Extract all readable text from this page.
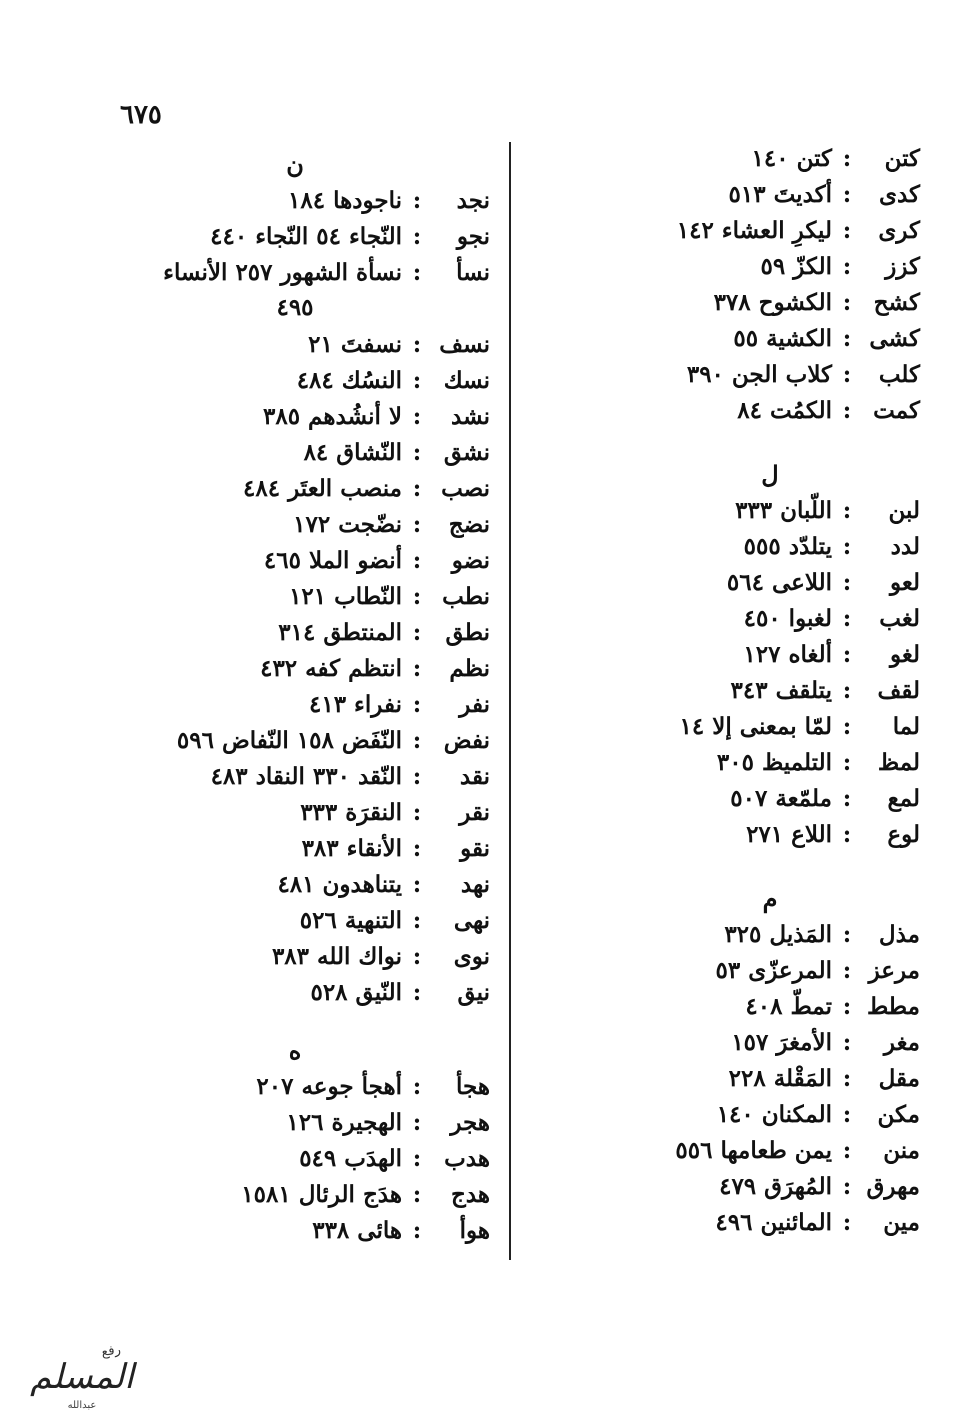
٦٧٥
كتن
:
كتن ١٤٠
كدى
:
أكديتَ ٥١٣
كرى
:
ليكرِ العشاء ١٤٢
كزز
:
الكزّ ٥٩
كشح
:
الكشوح ٣٧٨
كشى
:
الكشية ٥٥
كلب
:
كلاب الجن ٣٩٠
كمت
:
الكمُت ٨٤
ل
لبن
:
اللّبان ٣٣٣
لدد
:
يتلدّد ٥٥٥
لعو
:
اللاعى ٥٦٤
لغب
:
لغبوا ٤٥٠
لغو
:
ألغاه ١٢٧
لقف
:
يتلقف ٣٤٣
لما
:
لمّا بمعنى إلا ١٤
لمظ
:
التلميظ ٣٠٥
لمع
:
ملمّعة ٥٠٧
لوع
:
اللاع ٢٧١
م
مذل
:
المَذيل ٣٢٥
مرعز
:
المرعزّى ٥٣
مطط
:
تمطّ ٤٠٨
مغر
:
الأمغرَ ١٥٧
مقل
:
المَقْلة ٢٢٨
مكن
:
المكنان ١٤٠
منن
:
يمن طعامها ٥٥٦
مهرق
:
المُهرَق ٤٧٩
مين
:
المائنين ٤٩٦
ن
نجد
:
ناجودها ١٨٤
نجو
:
النّجاء ٥٤ النّجاء ٤٤٠
نسأ
:
نسأة الشهور ٢٥٧ الأنساء
٤٩٥
نسف
:
نسفتَ ٢١
نسك
:
النسُك ٤٨٤
نشد
:
لا أنشُدهم ٣٨٥
نشق
:
النّشاق ٨٤
نصب
:
منصب العتَر ٤٨٤
نضج
:
نضّجت ١٧٢
نضو
:
أنضو الملا ٤٦٥
نطب
:
النّطاب ١٢١
نطق
:
المنتطق ٣١٤
نظم
:
انتظم كفه ٤٣٢
نفر
:
نفراء ٤١٣
نفض
:
النّفَض ١٥٨ النّفاض ٥٩٦
نقد
:
النّقد ٣٣٠ النقاد ٤٨٣
نقر
:
النقرَة ٣٣٣
نقو
:
الأنقاء ٣٨٣
نهد
:
يتناهدون ٤٨١
نهى
:
التنهية ٥٢٦
نوى
:
نواك الله ٣٨٣
نيق
:
النّيق ٥٢٨
ه
هجأ
:
أهجأ جوعه ٢٠٧
هجر
:
الهجيرة ١٢٦
هدب
:
الهدَب ٥٤٩
هدج
:
هدَج الرئال ١٥٨١
هوأ
:
هائى ٣٣٨
رفع
المسلم
عبدالله
